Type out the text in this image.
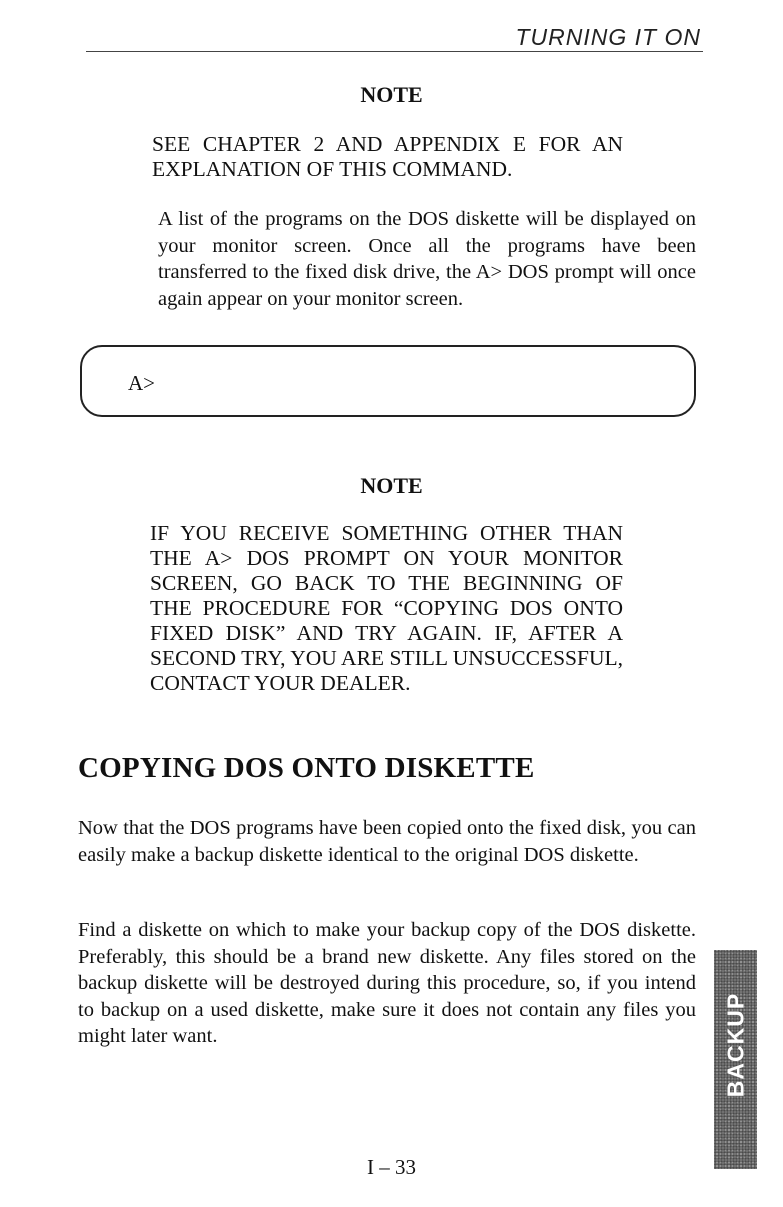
TURNING IT ON
NOTE
SEE CHAPTER 2 AND APPENDIX E FOR AN EXPLANATION OF THIS COMMAND.
A list of the programs on the DOS diskette will be displayed on your monitor screen. Once all the programs have been transferred to the fixed disk drive, the A> DOS prompt will once again appear on your monitor screen.
A>
NOTE
IF YOU RECEIVE SOMETHING OTHER THAN THE A> DOS PROMPT ON YOUR MONITOR SCREEN, GO BACK TO THE BEGINNING OF THE PROCEDURE FOR “COPYING DOS ONTO FIXED DISK” AND TRY AGAIN. IF, AFTER A SECOND TRY, YOU ARE STILL UNSUCCESSFUL, CONTACT YOUR DEALER.
COPYING DOS ONTO DISKETTE
Now that the DOS programs have been copied onto the fixed disk, you can easily make a backup diskette identical to the original DOS diskette.
Find a diskette on which to make your backup copy of the DOS diskette. Preferably, this should be a brand new diskette. Any files stored on the backup diskette will be destroyed during this procedure, so, if you intend to backup on a used diskette, make sure it does not contain any files you might later want.
I – 33
BACKUP
